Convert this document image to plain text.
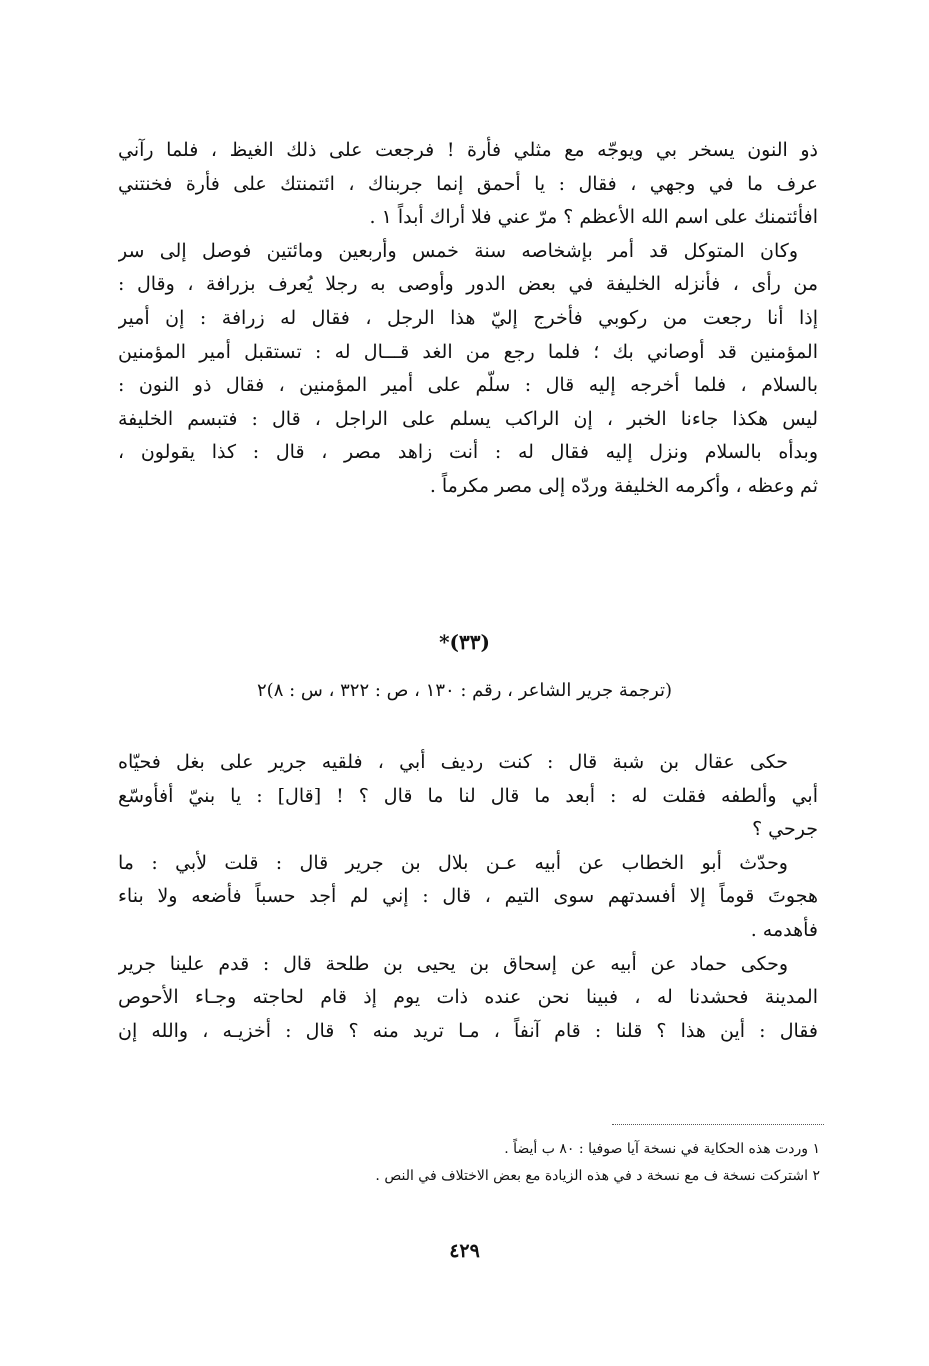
ذو النون يسخر بي ويوجّه مع مثلي فأرة ! فرجعت على ذلك الغيظ ، فلما رآني
عرف ما في وجهي ، فقال : يا أحمق إنما جربناك ، ائتمنتك على فأرة فخنتني
افأئتمنك على اسم الله الأعظم ؟ مرّ عني فلا أراك أبداً ١ .
وكان المتوكل قد أمر بإشخاصه سنة خمس وأربعين ومائتين فوصل إلى سر
من رأى ، فأنزله الخليفة في بعض الدور وأوصى به رجلا يُعرف بزرافة ، وقال :
إذا أنا رجعت من ركوبي فأخرج إليّ هذا الرجل ، فقال له زرافة : إن أمير
المؤمنين قد أوصاني بك ؛ فلما رجع من الغد قـــال له : تستقبل أمير المؤمنين
بالسلام ، فلما أخرجه إليه قال : سلّم على أمير المؤمنين ، فقال ذو النون :
ليس هكذا جاءنا الخبر ، إن الراكب يسلم على الراجل ، قال : فتبسم الخليفة
وبدأه بالسلام ونزل إليه فقال له : أنت زاهد مصر ، قال : كذا يقولون ،
ثم وعظه ، وأكرمه الخليفة وردّه إلى مصر مكرماً .
(٣٣)*
(ترجمة جرير الشاعر ، رقم : ١٣٠ ، ص : ٣٢٢ ، س : ٨)٢
حكى عقال بن شبة قال : كنت رديف أبي ، فلقيه جرير على بغل فحيّاه
أبي وألطفه فقلت له : أبعد ما قال لنا ما قال ؟ ! [قال] : يا بنيّ أفأوسّع
جرحي ؟
وحدّث أبو الخطاب عن أبيه عـن بلال بن جرير قال : قلت لأبي : ما
هجوتَ قوماً إلا أفسدتهم سوى التيم ، قال : إني لم أجد حسباً فأضعه ولا بناء
فأهدمه .
وحكى حماد عن أبيه عن إسحاق بن يحيى بن طلحة قال : قدم علينا جرير
المدينة فحشدنا له ، فبينا نحن عنده ذات يوم إذ قام لحاجته وجـاء الأحوص
فقال : أين هذا ؟ قلنا : قام آنفاً ، مـا تريد منه ؟ قال : أخزيـه ، والله إن
١ وردت هذه الحكاية في نسخة آيا صوفيا : ٨٠ ب أيضاً .
٢ اشتركت نسخة ف مع نسخة د في هذه الزيادة مع بعض الاختلاف في النص .
٤٢٩
